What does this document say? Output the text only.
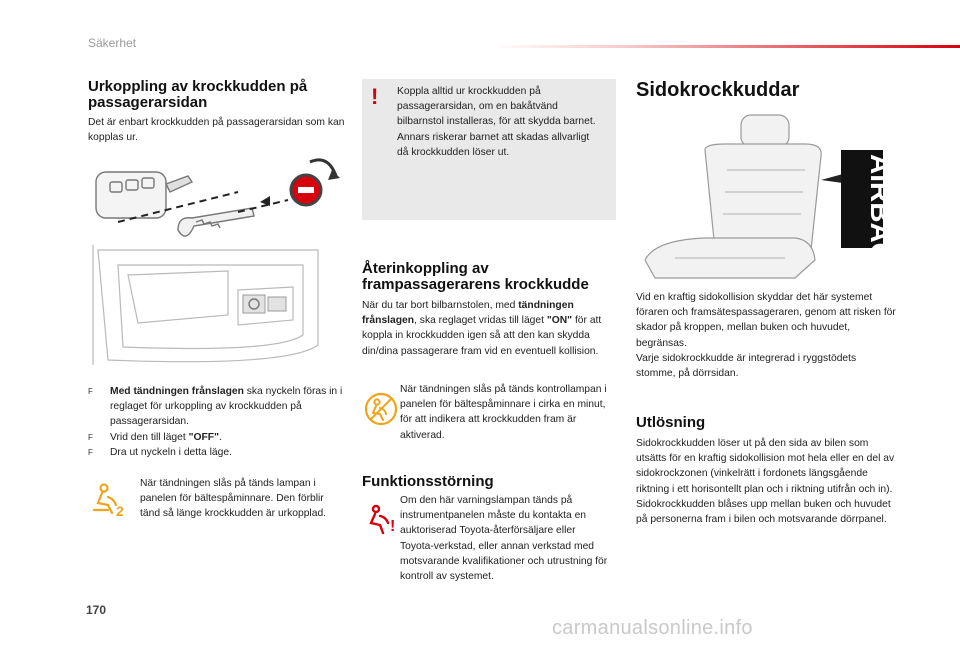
Säkerhet
Urkoppling av krockkudden på passagerarsidan
Det är enbart krockkudden på passagerarsidan som kan kopplas ur.
F Med tändningen frånslagen ska nyckeln föras in i reglaget för urkoppling av krockkudden på passagerarsidan.
F Vrid den till läget "OFF".
F Dra ut nyckeln i detta läge.
2
När tändningen slås på tänds lampan i panelen för bältespåminnare. Den förblir tänd så länge krockkudden är urkopplad.
! Koppla alltid ur krockkudden på passagerarsidan, om en bakåtvänd bilbarnstol installeras, för att skydda barnet.
Annars riskerar barnet att skadas allvarligt då krockkudden löser ut.
Återinkoppling av frampassagerarens krockkudde
När du tar bort bilbarnstolen, med tändningen frånslagen, ska reglaget vridas till läget "ON" för att koppla in krockkudden igen så att den kan skydda din/dina passagerare fram vid en eventuell kollision.
När tändningen slås på tänds kontrollampan i panelen för bältespåminnare i cirka en minut, för att indikera att krockkudden fram är aktiverad.
Funktionsstörning
!
Om den här varningslampan tänds på instrumentpanelen måste du kontakta en auktoriserad Toyota-återförsäljare eller Toyota-verkstad, eller annan verkstad med motsvarande kvalifikationer och utrustning för kontroll av systemet.
Sidokrockkuddar
AIRBAG
Vid en kraftig sidokollision skyddar det här systemet föraren och framsätespassageraren, genom att risken för skador på kroppen, mellan buken och huvudet, begränsas.
Varje sidokrockkudde är integrerad i ryggstödets stomme, på dörrsidan.
Utlösning
Sidokrockkudden löser ut på den sida av bilen som utsätts för en kraftig sidokollision mot hela eller en del av sidokrockzonen (vinkelrätt i fordonets längsgående riktning i ett horisontellt plan och i riktning utifrån och in).
Sidokrockkudden blåses upp mellan buken och huvudet på personerna fram i bilen och motsvarande dörrpanel.
170
carmanualsonline.info
